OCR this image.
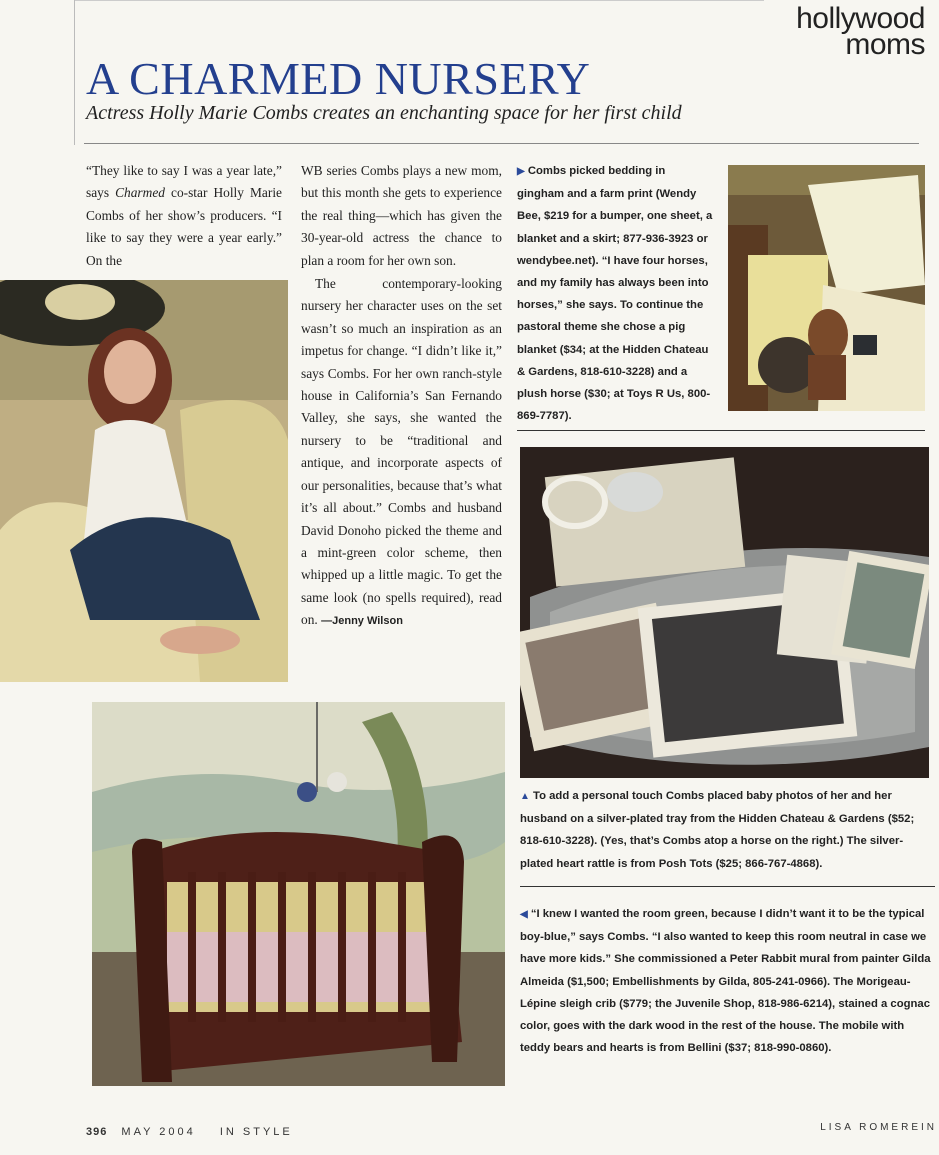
hollywood
moms
A CHARMED NURSERY
Actress Holly Marie Combs creates an enchanting space for her first child

“They like to say I was a year late,” says Charmed co-star Holly Marie Combs of her show’s producers. “I like to say they were a year early.” On the

WB series Combs plays a new mom, but this month she gets to experience the real thing—which has given the 30-year-old actress the chance to plan a room for her own son.

The contemporary-looking nursery her character uses on the set wasn’t so much an inspiration as an impetus for change. “I didn’t like it,” says Combs. For her own ranch-style house in California’s San Fernando Valley, she says, she wanted the nursery to be “traditional and antique, and incorporate aspects of our personalities, because that’s what it’s all about.” Combs and husband David Donoho picked the theme and a mint-green color scheme, then whipped up a little magic. To get the same look (no spells required), read on. —Jenny Wilson

▶ Combs picked bedding in gingham and a farm print (Wendy Bee, $219 for a bumper, one sheet, a blanket and a skirt; 877-936-3923 or wendybee.net). “I have four horses, and my family has always been into horses,” she says. To continue the pastoral theme she chose a pig blanket ($34; at the Hidden Chateau & Gardens, 818-610-3228) and a plush horse ($30; at Toys R Us, 800-869-7787).
▲ To add a personal touch Combs placed baby photos of her and her husband on a silver-plated tray from the Hidden Chateau & Gardens ($52; 818-610-3228). (Yes, that’s Combs atop a horse on the right.) The silver-plated heart rattle is from Posh Tots ($25; 866-767-4868).
◀ “I knew I wanted the room green, because I didn’t want it to be the typical boy-blue,” says Combs. “I also wanted to keep this room neutral in case we have more kids.” She commissioned a Peter Rabbit mural from painter Gilda Almeida ($1,500; Embellishments by Gilda, 805-241-0966). The Morigeau-Lépine sleigh crib ($779; the Juvenile Shop, 818-986-6214), stained a cognac color, goes with the dark wood in the rest of the house. The mobile with teddy bears and hearts is from Bellini ($37; 818-990-0860).
396 MAY 2004 IN STYLE	LISA ROMEREIN
